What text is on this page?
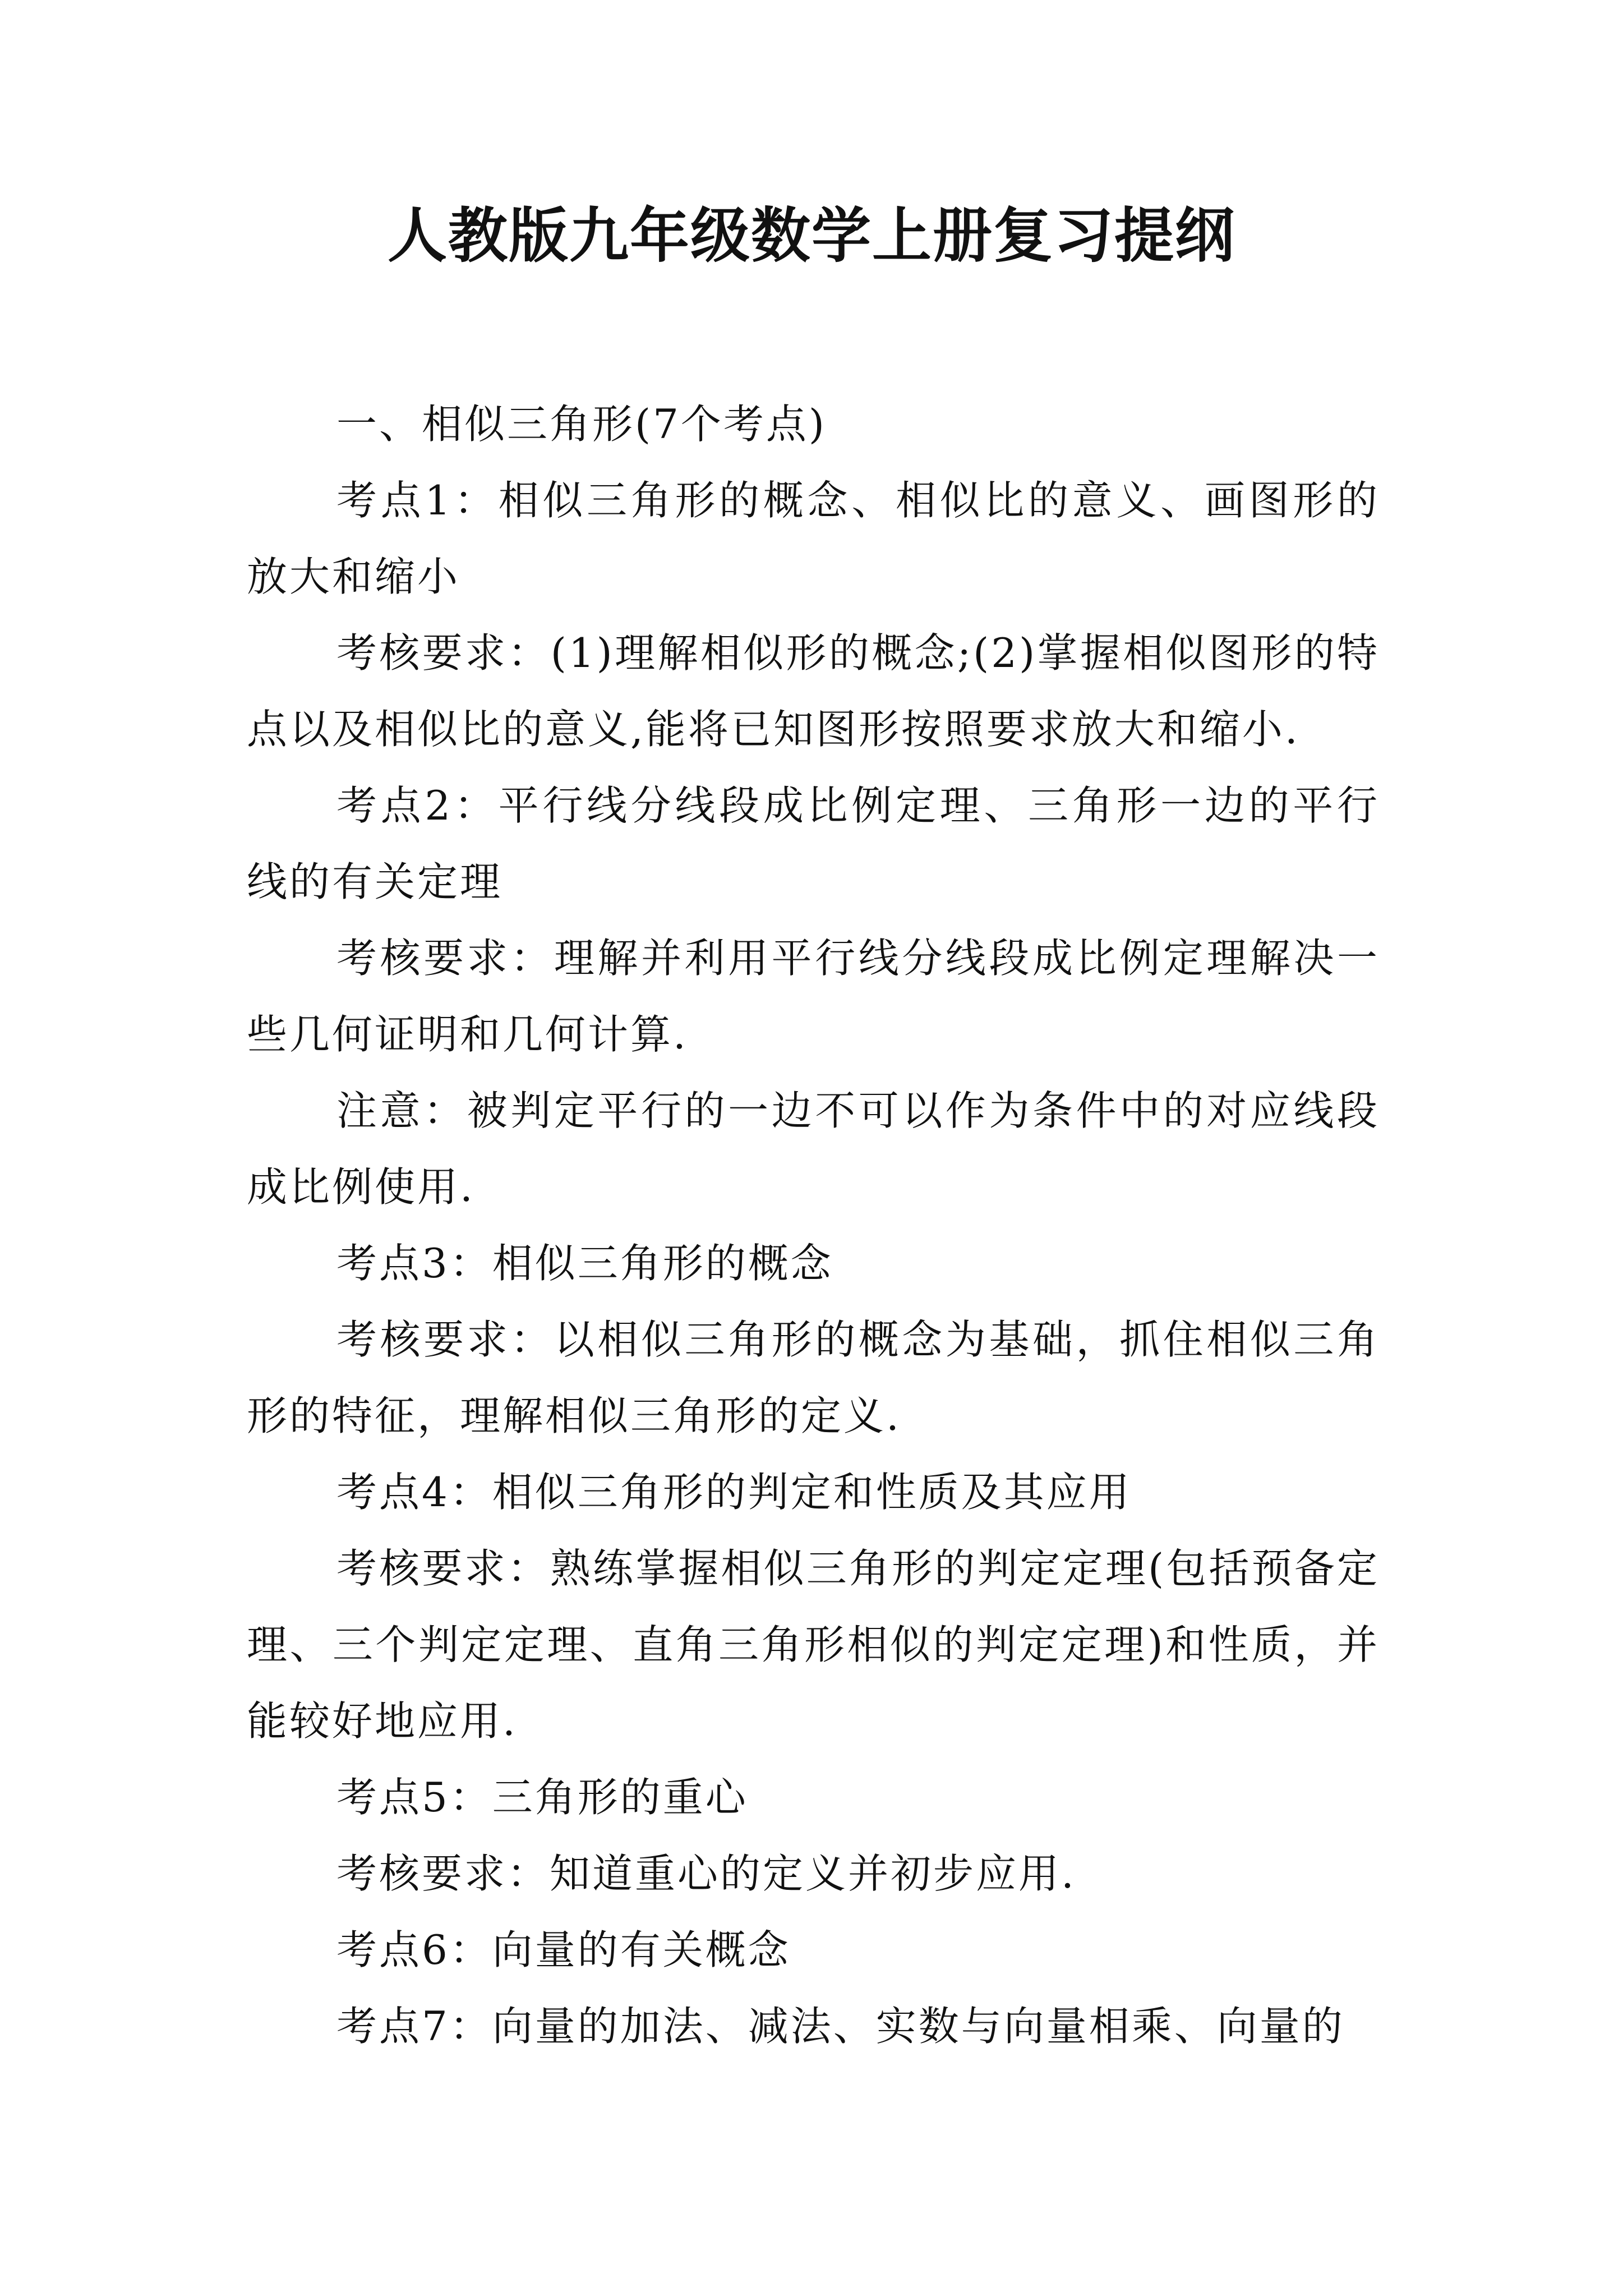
人教版九年级数学上册复习提纲

一、相似三角形(7个考点)

考点1：相似三角形的概念、相似比的意义、画图形的放大和缩小

考核要求：(1)理解相似形的概念;(2)掌握相似图形的特点以及相似比的意义,能将已知图形按照要求放大和缩小.

考点2：平行线分线段成比例定理、三角形一边的平行线的有关定理

考核要求：理解并利用平行线分线段成比例定理解决一些几何证明和几何计算.

注意：被判定平行的一边不可以作为条件中的对应线段成比例使用.

考点3：相似三角形的概念

考核要求：以相似三角形的概念为基础，抓住相似三角形的特征，理解相似三角形的定义.

考点4：相似三角形的判定和性质及其应用

考核要求：熟练掌握相似三角形的判定定理(包括预备定理、三个判定定理、直角三角形相似的判定定理)和性质，并能较好地应用.

考点5：三角形的重心

考核要求：知道重心的定义并初步应用.

考点6：向量的有关概念

考点7：向量的加法、减法、实数与向量相乘、向量的
